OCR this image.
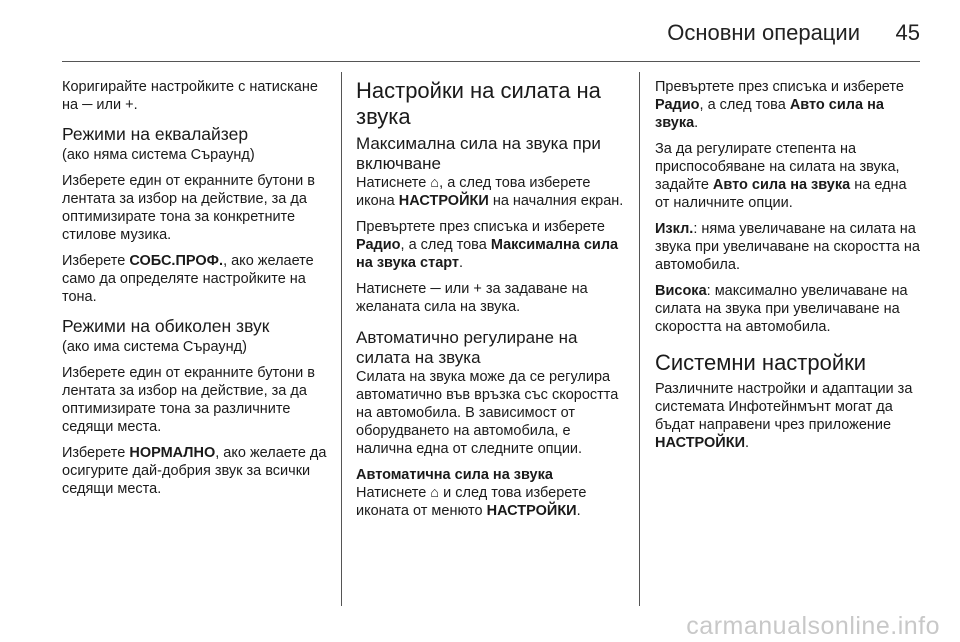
Основни операции	45

Коригирайте настройките с натискане на ─ или +.

Режими на еквалайзер

(ако няма система Съраунд)

Изберете един от екранните бутони в лентата за избор на действие, за да оптимизирате тона за конкретните стилове музика.

Изберете СОБС.ПРОФ., ако желаете само да определяте настройките на тона.

Режими на обиколен звук

(ако има система Съраунд)

Изберете един от екранните бутони в лентата за избор на действие, за да оптимизирате тона за различните седящи места.

Изберете НОРМАЛНО, ако желаете да осигурите дай-добрия звук за всички седящи места.

Настройки на силата на звука
Максимална сила на звука при включване

Натиснете ⌂, а след това изберете икона НАСТРОЙКИ на началния екран.

Превъртете през списъка и изберете Радио, а след това Максимална сила на звука старт.

Натиснете ─ или + за задаване на желаната сила на звука.

Автоматично регулиране на силата на звука

Силата на звука може да се регулира автоматично във връзка със скоростта на автомобила. В зависимост от оборудването на автомобила, е налична една от следните опции.

Автоматична сила на звука

Натиснете ⌂ и след това изберете иконата от менюто НАСТРОЙКИ.

Превъртете през списъка и изберете Радио, а след това Авто сила на звука.

За да регулирате степента на приспособяване на силата на звука, задайте Авто сила на звука на една от наличните опции.

Изкл.: няма увеличаване на силата на звука при увеличаване на скоростта на автомобила.

Висока: максимално увеличаване на силата на звука при увеличаване на скоростта на автомобила.

Системни настройки

Различните настройки и адаптации за системата Инфотейнмънт могат да бъдат направени чрез приложение НАСТРОЙКИ.

carmanualsonline.info
